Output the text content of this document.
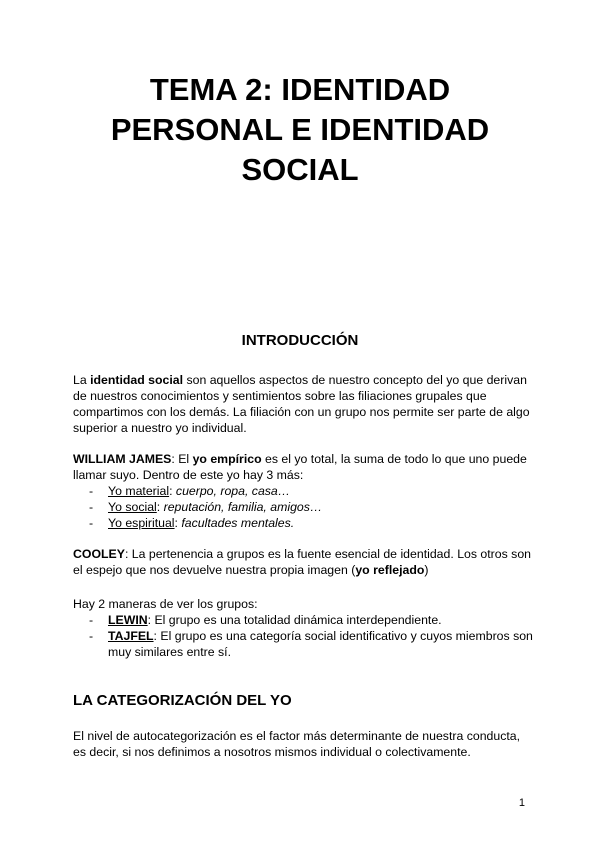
TEMA 2: IDENTIDAD
PERSONAL E IDENTIDAD
SOCIAL
INTRODUCCIÓN
La identidad social son aquellos aspectos de nuestro concepto del yo que derivan
de nuestros conocimientos y sentimientos sobre las filiaciones grupales que
compartimos con los demás. La filiación con un grupo nos permite ser parte de algo
superior a nuestro yo individual.
WILLIAM JAMES: El yo empírico es el yo total, la suma de todo lo que uno puede
llamar suyo. Dentro de este yo hay 3 más:
- Yo material: cuerpo, ropa, casa…
- Yo social: reputación, familia, amigos…
- Yo espiritual: facultades mentales.
COOLEY: La pertenencia a grupos es la fuente esencial de identidad. Los otros son
el espejo que nos devuelve nuestra propia imagen (yo reflejado)
Hay 2 maneras de ver los grupos:
- LEWIN: El grupo es una totalidad dinámica interdependiente.
- TAJFEL: El grupo es una categoría social identificativo y cuyos miembros son
muy similares entre sí.
LA CATEGORIZACIÓN DEL YO
El nivel de autocategorización es el factor más determinante de nuestra conducta,
es decir, si nos definimos a nosotros mismos individual o colectivamente.
1
